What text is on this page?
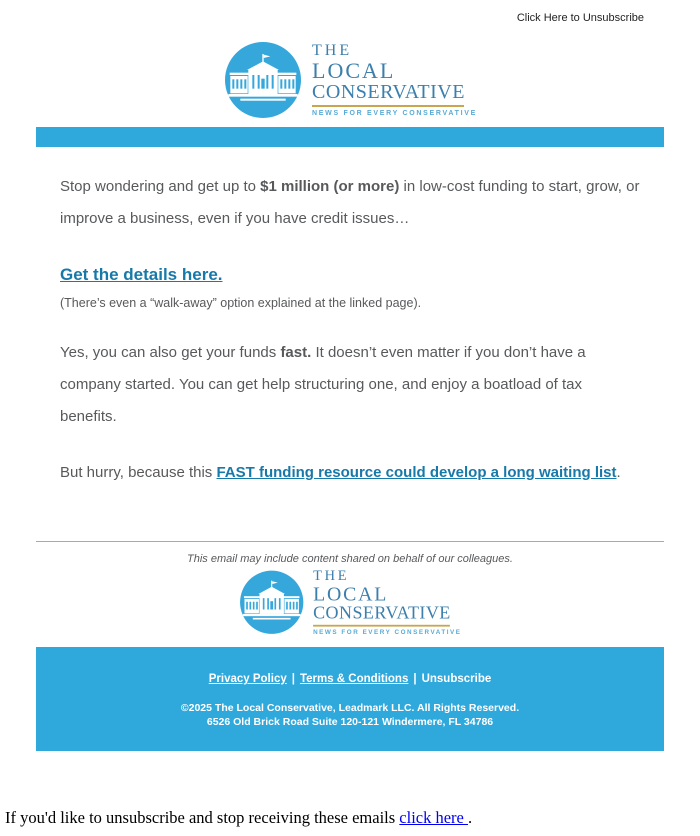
Click Here to Unsubscribe
THE
LOCAL
CONSERVATIVE
NEWS FOR EVERY CONSERVATIVE

Stop wondering and get up to $1 million (or more) in low-cost funding to start, grow, or improve a business, even if you have credit issues…

Get the details here.
(There’s even a “walk-away” option explained at the linked page).

Yes, you can also get your funds fast. It doesn’t even matter if you don’t have a company started. You can get help structuring one, and enjoy a boatload of tax benefits.

But hurry, because this FAST funding resource could develop a long waiting list.

This email may include content shared on behalf of our colleagues.
THE
LOCAL
CONSERVATIVE
NEWS FOR EVERY CONSERVATIVE
Privacy Policy | Terms & Conditions | Unsubscribe
©2025 The Local Conservative, Leadmark LLC. All Rights Reserved.
6526 Old Brick Road Suite 120-121 Windermere, FL 34786
If you'd like to unsubscribe and stop receiving these emails click here .
